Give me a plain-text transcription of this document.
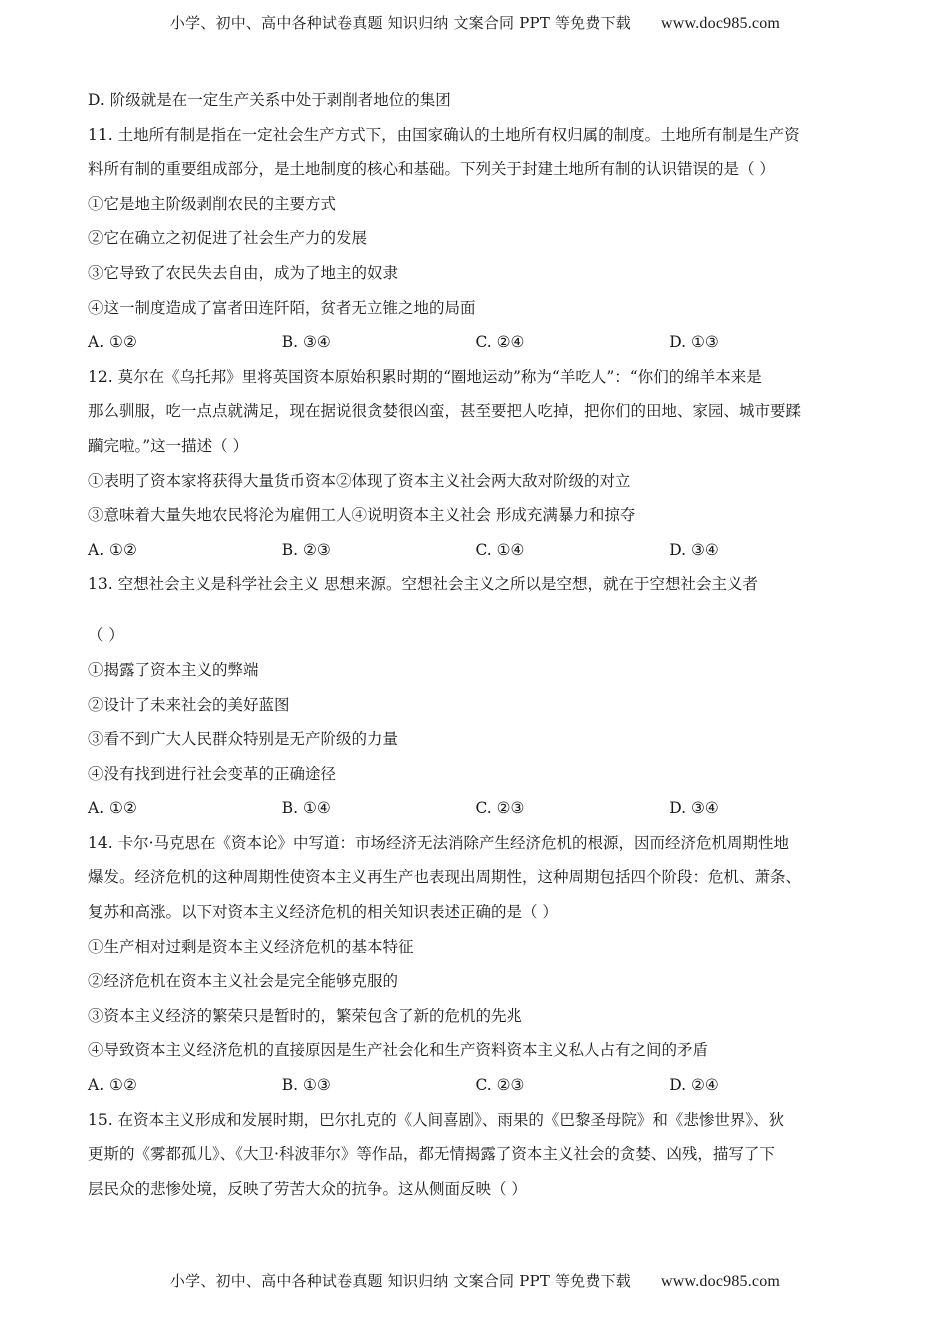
小学、初中、高中各种试卷真题 知识归纳 文案合同 PPT 等免费下载 www.doc985.com
D. 阶级就是在一定生产关系中处于剥削者地位的集团
11. 土地所有制是指在一定社会生产方式下，由国家确认的土地所有权归属的制度。土地所有制是生产资
料所有制的重要组成部分，是土地制度的核心和基础。下列关于封建土地所有制的认识错误的是（ ）
①它是地主阶级剥削农民的主要方式
②它在确立之初促进了社会生产力的发展
③它导致了农民失去自由，成为了地主的奴隶
④这一制度造成了富者田连阡陌，贫者无立锥之地的局面
A. ①②	B. ③④	C. ②④	D. ①③
12. 莫尔在《乌托邦》里将英国资本原始积累时期的“圈地运动”称为“羊吃人”：“你们的绵羊本来是
那么驯服，吃一点点就满足，现在据说很贪婪很凶蛮，甚至要把人吃掉，把你们的田地、家园、城市要蹂
躏完啦。”这一描述（ ）
①表明了资本家将获得大量货币资本②体现了资本主义社会两大敌对阶级的对立
③意味着大量失地农民将沦为雇佣工人④说明资本主义社会 形成充满暴力和掠夺
A. ①②	B. ②③	C. ①④	D. ③④
13. 空想社会主义是科学社会主义 思想来源。空想社会主义之所以是空想，就在于空想社会主义者
（ ）
①揭露了资本主义的弊端
②设计了未来社会的美好蓝图
③看不到广大人民群众特别是无产阶级的力量
④没有找到进行社会变革的正确途径
A. ①②	B. ①④	C. ②③	D. ③④
14. 卡尔·马克思在《资本论》中写道：市场经济无法消除产生经济危机的根源，因而经济危机周期性地
爆发。经济危机的这种周期性使资本主义再生产也表现出周期性，这种周期包括四个阶段：危机、萧条、
复苏和高涨。以下对资本主义经济危机的相关知识表述正确的是（ ）
①生产相对过剩是资本主义经济危机的基本特征
②经济危机在资本主义社会是完全能够克服的
③资本主义经济的繁荣只是暂时的，繁荣包含了新的危机的先兆
④导致资本主义经济危机的直接原因是生产社会化和生产资料资本主义私人占有之间的矛盾
A. ①②	B. ①③	C. ②③	D. ②④
15. 在资本主义形成和发展时期，巴尔扎克的《人间喜剧》、雨果的《巴黎圣母院》和《悲惨世界》、狄
更斯的《雾都孤儿》、《大卫·科波菲尔》等作品，都无情揭露了资本主义社会的贪婪、凶残，描写了下
层民众的悲惨处境，反映了劳苦大众的抗争。这从侧面反映（ ）
小学、初中、高中各种试卷真题 知识归纳 文案合同 PPT 等免费下载 www.doc985.com
